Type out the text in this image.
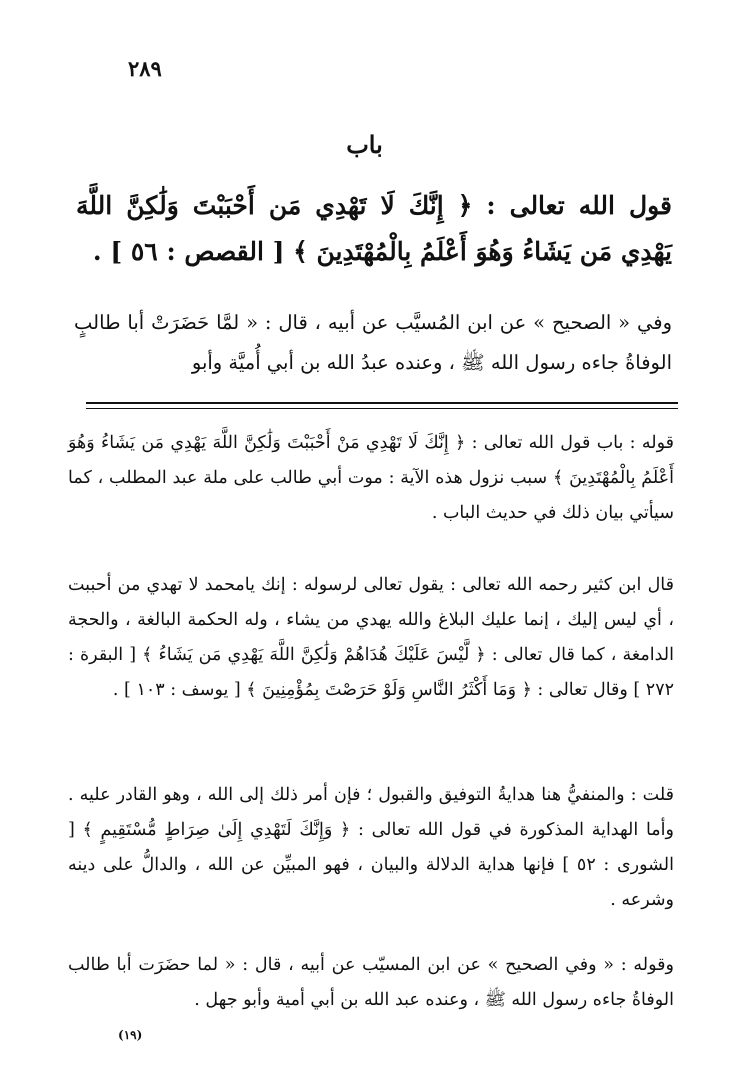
٢٨٩
باب
قول الله تعالى : ﴿ إِنَّكَ لَا تَهْدِي مَن أَحْبَبْتَ وَلَٰكِنَّ اللَّهَ يَهْدِي مَن يَشَاءُ وَهُوَ أَعْلَمُ بِالْمُهْتَدِينَ ﴾ [ القصص : ٥٦ ] .
وفي « الصحيح » عن ابن المُسيَّب عن أبيه ، قال : « لمَّا حَضَرَتْ أبا طالبٍ الوفاةُ جاءه رسول الله ﷺ ، وعنده عبدُ الله بن أبي أُميَّة وأبو
قوله : باب قول الله تعالى : ﴿ إِنَّكَ لَا تَهْدِي مَنْ أَحْبَبْتَ وَلَٰكِنَّ اللَّهَ يَهْدِي مَن يَشَاءُ وَهُوَ أَعْلَمُ بِالْمُهْتَدِينَ ﴾ سبب نزول هذه الآية : موت أبي طالب على ملة عبد المطلب ، كما سيأتي بيان ذلك في حديث الباب .
قال ابن كثير رحمه الله تعالى : يقول تعالى لرسوله : إنك يامحمد لا تهدي من أحببت ، أي ليس إليك ، إنما عليك البلاغ والله يهدي من يشاء ، وله الحكمة البالغة ، والحجة الدامغة ، كما قال تعالى : ﴿ لَّيْسَ عَلَيْكَ هُدَاهُمْ وَلَٰكِنَّ اللَّهَ يَهْدِي مَن يَشَاءُ ﴾ [ البقرة : ٢٧٢ ] وقال تعالى : ﴿ وَمَا أَكْثَرُ النَّاسِ وَلَوْ حَرَصْتَ بِمُؤْمِنِينَ ﴾ [ يوسف : ١٠٣ ] .
قلت : والمنفيُّ هنا هدايةُ التوفيق والقبول ؛ فإن أمر ذلك إلى الله ، وهو القادر عليه . وأما الهداية المذكورة في قول الله تعالى : ﴿ وَإِنَّكَ لَتَهْدِي إِلَىٰ صِرَاطٍ مُّسْتَقِيمٍ ﴾ [ الشورى : ٥٢ ] فإنها هداية الدلالة والبيان ، فهو المبيِّن عن الله ، والدالُّ على دينه وشرعه .
وقوله : « وفي الصحيح » عن ابن المسيّب عن أبيه ، قال : « لما حضَرَت أبا طالب الوفاةُ جاءه رسول الله ﷺ ، وعنده عبد الله بن أبي أمية وأبو جهل .
(١٩)
